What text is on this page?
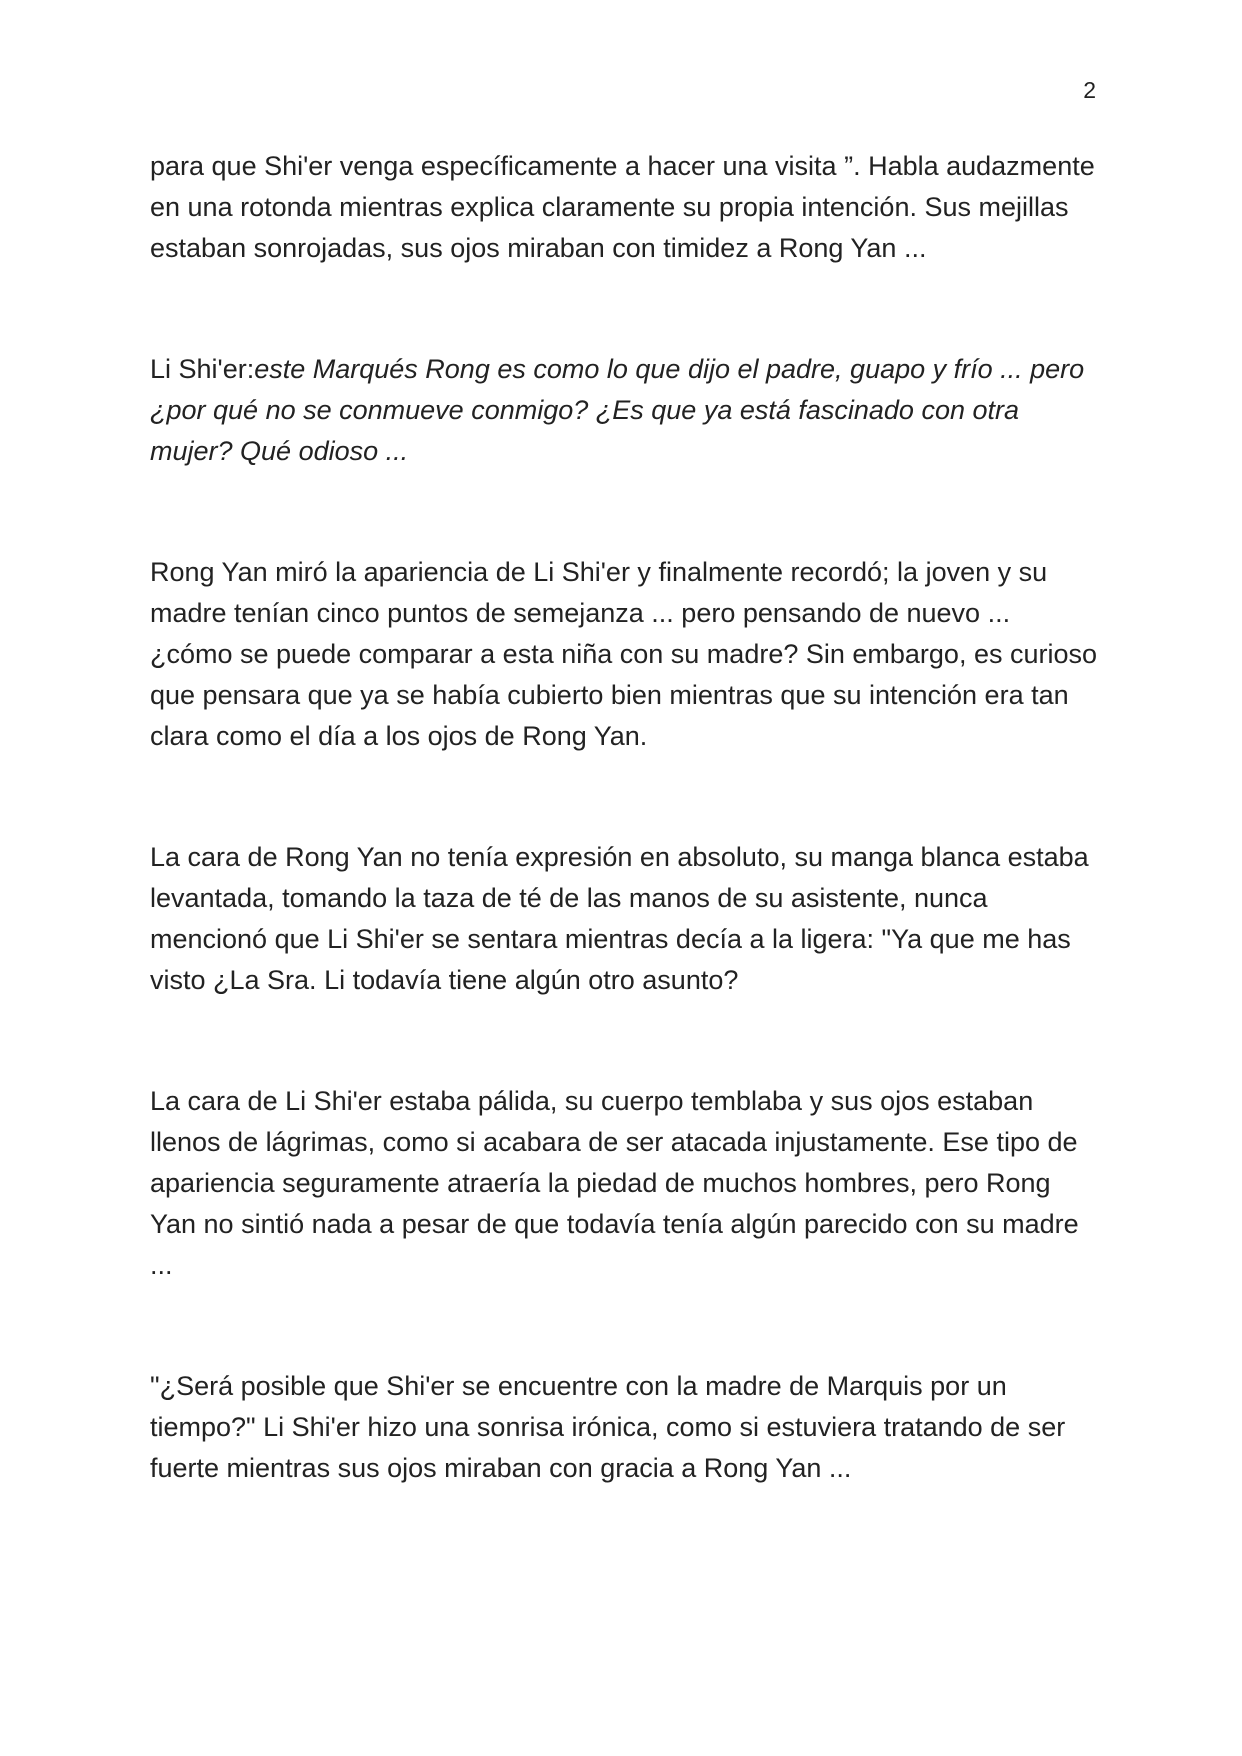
2

para que Shi'er venga específicamente a hacer una visita ”. Habla audazmente en una rotonda mientras explica claramente su propia intención. Sus mejillas estaban sonrojadas, sus ojos miraban con timidez a Rong Yan ...

Li Shi'er:este Marqués Rong es como lo que dijo el padre, guapo y frío ... pero ¿por qué no se conmueve conmigo? ¿Es que ya está fascinado con otra mujer? Qué odioso ...

Rong Yan miró la apariencia de Li Shi'er y finalmente recordó; la joven y su madre tenían cinco puntos de semejanza ... pero pensando de nuevo ... ¿cómo se puede comparar a esta niña con su madre? Sin embargo, es curioso que pensara que ya se había cubierto bien mientras que su intención era tan clara como el día a los ojos de Rong Yan.

La cara de Rong Yan no tenía expresión en absoluto, su manga blanca estaba levantada, tomando la taza de té de las manos de su asistente, nunca mencionó que Li Shi'er se sentara mientras decía a la ligera: "Ya que me has visto ¿La Sra. Li todavía tiene algún otro asunto?

La cara de Li Shi'er estaba pálida, su cuerpo temblaba y sus ojos estaban llenos de lágrimas, como si acabara de ser atacada injustamente. Ese tipo de apariencia seguramente atraería la piedad de muchos hombres, pero Rong Yan no sintió nada a pesar de que todavía tenía algún parecido con su madre ...

"¿Será posible que Shi'er se encuentre con la madre de Marquis por un tiempo?" Li Shi'er hizo una sonrisa irónica, como si estuviera tratando de ser fuerte mientras sus ojos miraban con gracia a Rong Yan ...
